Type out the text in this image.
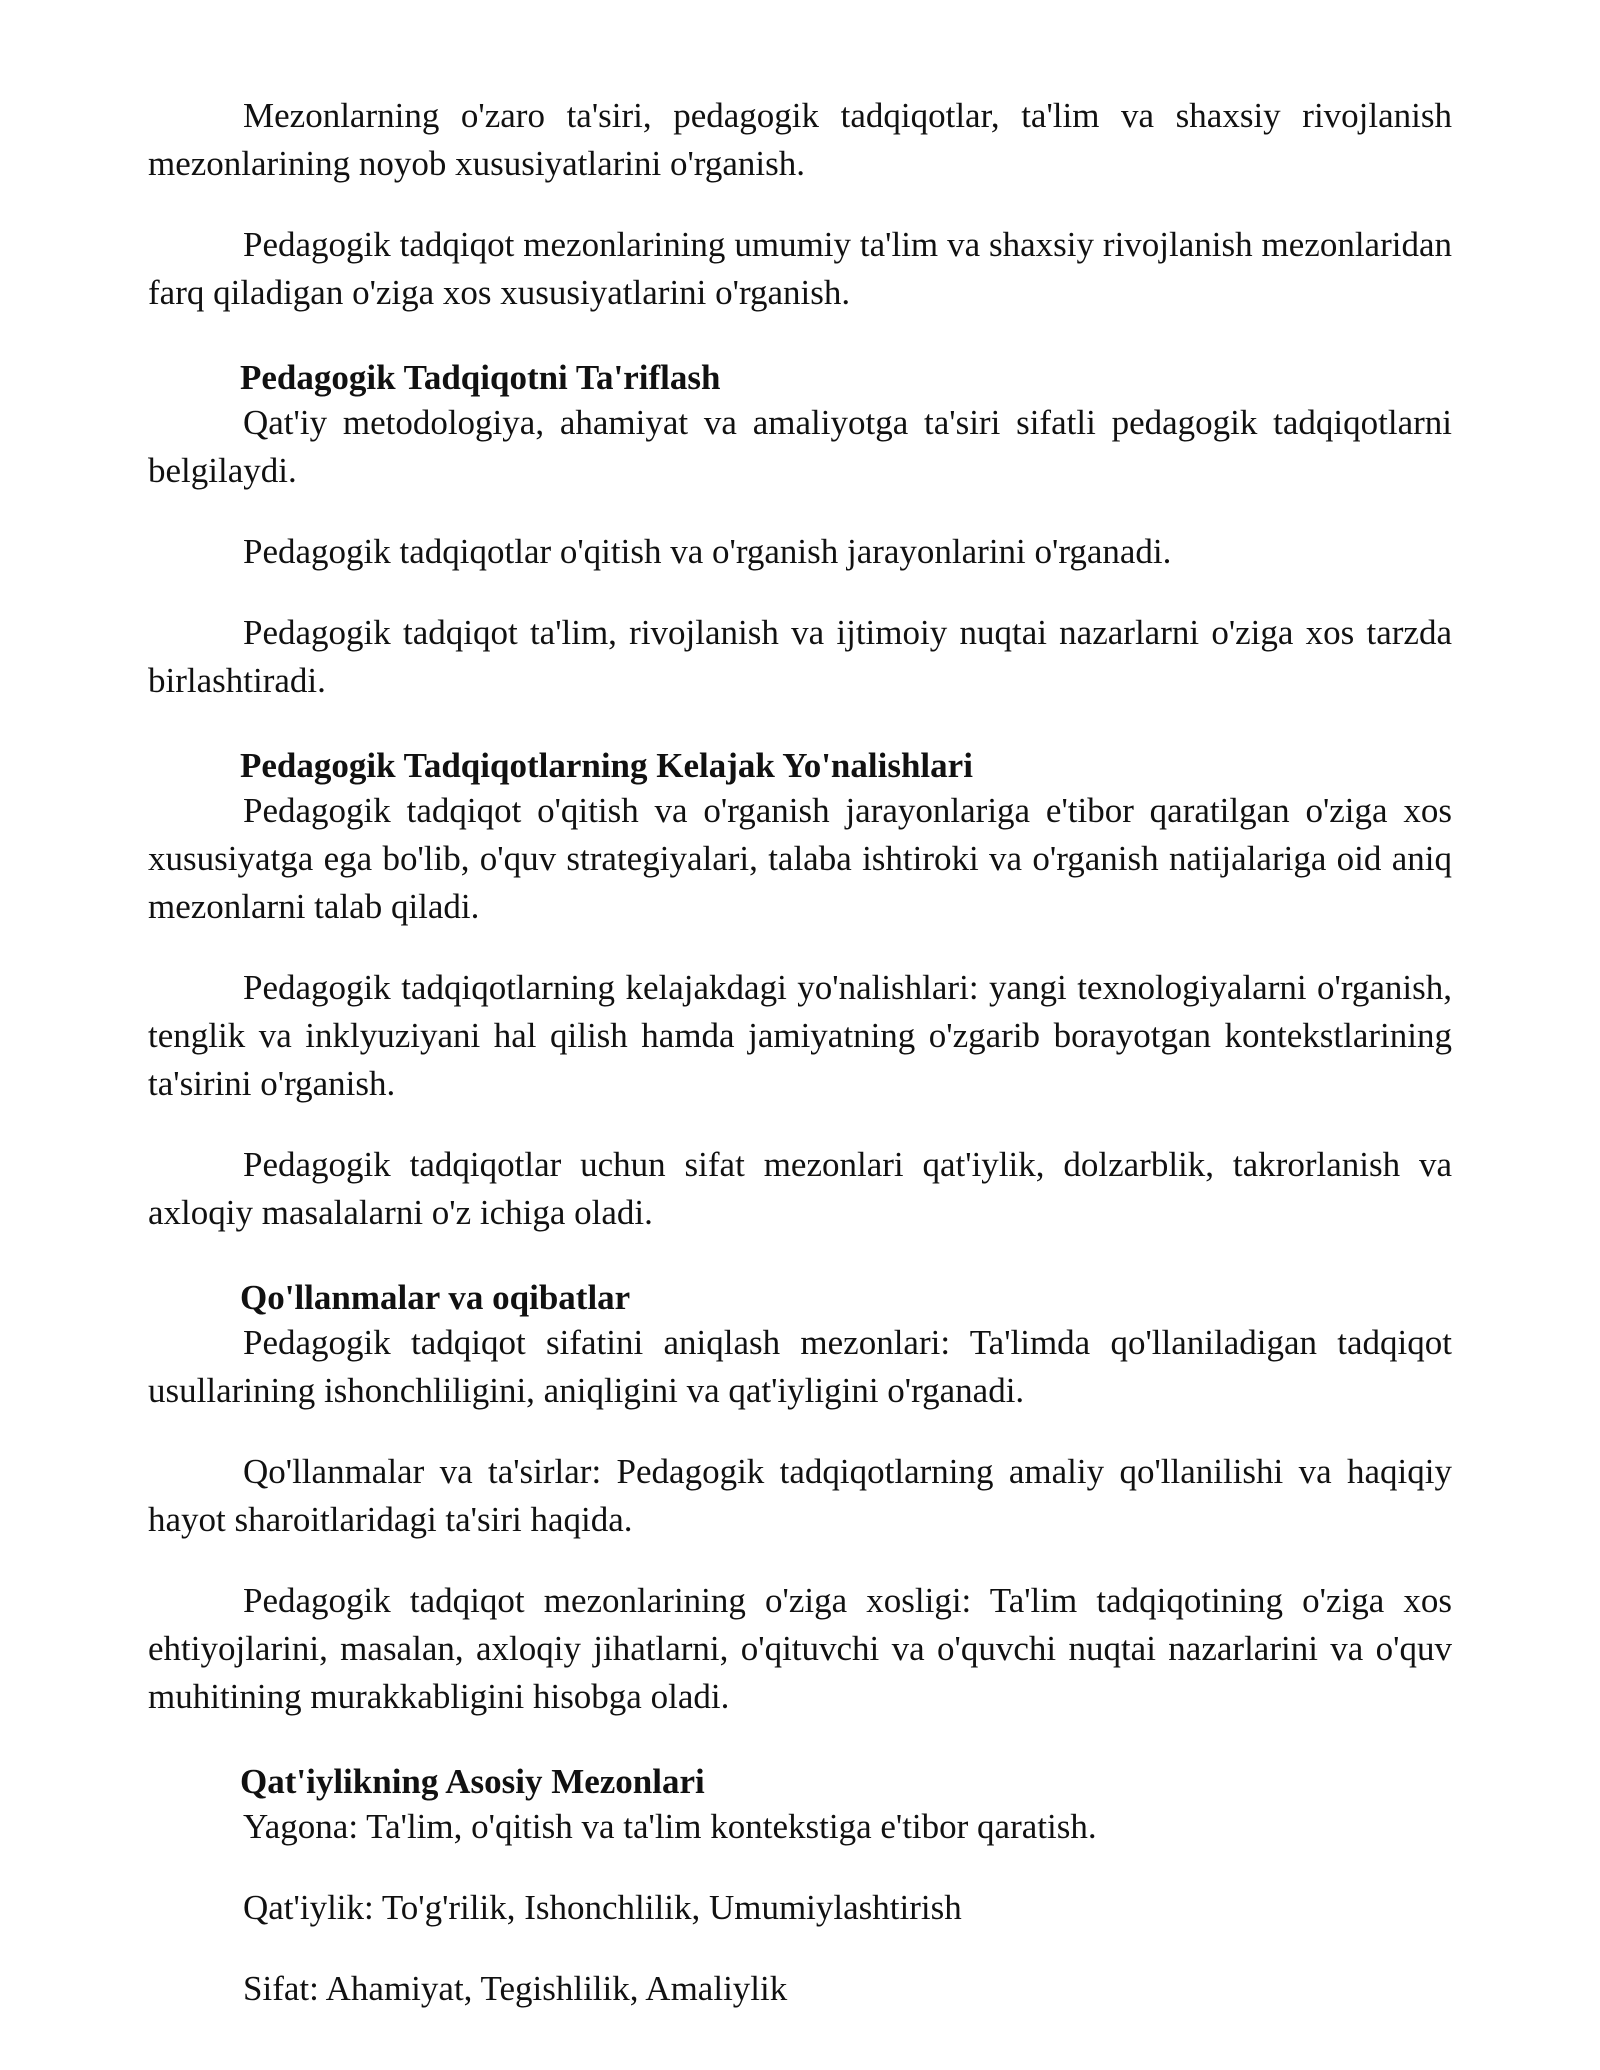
Mezonlarning o'zaro ta'siri, pedagogik tadqiqotlar, ta'lim va shaxsiy rivojlanish mezonlarining noyob xususiyatlarini o'rganish.

Pedagogik tadqiqot mezonlarining umumiy ta'lim va shaxsiy rivojlanish mezonlaridan farq qiladigan o'ziga xos xususiyatlarini o'rganish.

Pedagogik Tadqiqotni Ta'riflash

Qat'iy metodologiya, ahamiyat va amaliyotga ta'siri sifatli pedagogik tadqiqotlarni belgilaydi.

Pedagogik tadqiqotlar o'qitish va o'rganish jarayonlarini o'rganadi.

Pedagogik tadqiqot ta'lim, rivojlanish va ijtimoiy nuqtai nazarlarni o'ziga xos tarzda birlashtiradi.

Pedagogik Tadqiqotlarning Kelajak Yo'nalishlari

Pedagogik tadqiqot o'qitish va o'rganish jarayonlariga e'tibor qaratilgan o'ziga xos xususiyatga ega bo'lib, o'quv strategiyalari, talaba ishtiroki va o'rganish natijalariga oid aniq mezonlarni talab qiladi.

Pedagogik tadqiqotlarning kelajakdagi yo'nalishlari: yangi texnologiyalarni o'rganish, tenglik va inklyuziyani hal qilish hamda jamiyatning o'zgarib borayotgan kontekstlarining ta'sirini o'rganish.

Pedagogik tadqiqotlar uchun sifat mezonlari qat'iylik, dolzarblik, takrorlanish va axloqiy masalalarni o'z ichiga oladi.

Qo'llanmalar va oqibatlar

Pedagogik tadqiqot sifatini aniqlash mezonlari: Ta'limda qo'llaniladigan tadqiqot usullarining ishonchliligini, aniqligini va qat'iyligini o'rganadi.

Qo'llanmalar va ta'sirlar: Pedagogik tadqiqotlarning amaliy qo'llanilishi va haqiqiy hayot sharoitlaridagi ta'siri haqida.

Pedagogik tadqiqot mezonlarining o'ziga xosligi: Ta'lim tadqiqotining o'ziga xos ehtiyojlarini, masalan, axloqiy jihatlarni, o'qituvchi va o'quvchi nuqtai nazarlarini va o'quv muhitining murakkabligini hisobga oladi.

Qat'iylikning Asosiy Mezonlari

Yagona: Ta'lim, o'qitish va ta'lim kontekstiga e'tibor qaratish.

Qat'iylik: To'g'rilik, Ishonchlilik, Umumiylashtirish

Sifat: Ahamiyat, Tegishlilik, Amaliylik
